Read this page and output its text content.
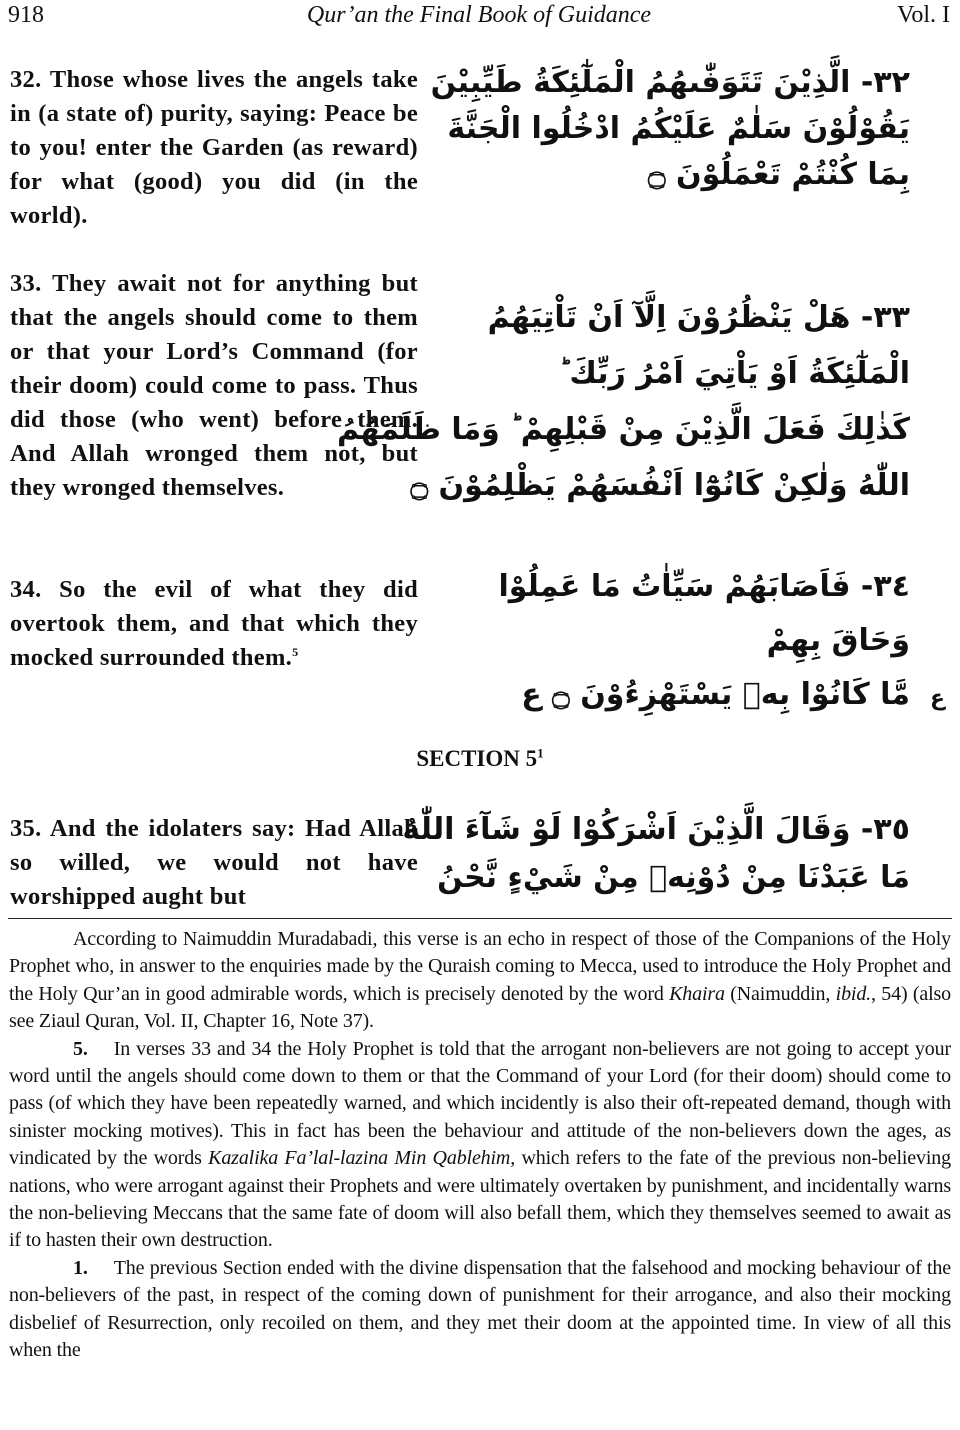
918	Qur’an the Final Book of Guidance	Vol. I

32. Those whose lives the angels take in (a state of) purity, saying: Peace be to you! enter the Garden (as reward) for what (good) you did (in the world).

٣٢- الَّذِيْنَ تَتَوَفّٰىهُمُ الْمَلٰٓئِكَةُ طَيِّبِيْنَ
يَقُوْلُوْنَ سَلٰمٌ عَلَيْكُمُ ادْخُلُوا الْجَنَّةَ
بِمَا كُنْتُمْ تَعْمَلُوْنَ ۝

33. They await not for anything but that the angels should come to them or that your Lord’s Command (for their doom) could come to pass. Thus did those (who went) before them. And Allah wronged them not, but they wronged themselves.

٣٣- هَلْ يَنْظُرُوْنَ اِلَّآ اَنْ تَاْتِيَهُمُ
الْمَلٰٓئِكَةُ اَوْ يَاْتِيَ اَمْرُ رَبِّكَ ؕ
كَذٰلِكَ فَعَلَ الَّذِيْنَ مِنْ قَبْلِهِمْ ؕ وَمَا ظَلَمَهُمُ
اللّٰهُ وَلٰكِنْ كَانُوْٓا اَنْفُسَهُمْ يَظْلِمُوْنَ ۝

34. So the evil of what they did overtook them, and that which they mocked surrounded them.$^5$

٣٤- فَاَصَابَهُمْ سَيِّاٰتُ مَا عَمِلُوْا
وَحَاقَ بِهِمْ
مَّا كَانُوْا بِهٖ يَسْتَهْزِءُوْنَ ۝ ع ع
SECTION $5^1$

35. And the idolaters say: Had Allah so willed, we would not have worshipped aught but

٣٥- وَقَالَ الَّذِيْنَ اَشْرَكُوْا لَوْ شَآءَ اللّٰهُ
مَا عَبَدْنَا مِنْ دُوْنِهٖ مِنْ شَيْءٍ نَّحْنُ

According to Naimuddin Muradabadi, this verse is an echo in respect of those of the Companions of the Holy Prophet who, in answer to the enquiries made by the Quraish coming to Mecca, used to introduce the Holy Prophet and the Holy Qur’an in good admirable words, which is precisely denoted by the word Khaira (Naimuddin, ibid., 54) (also see Ziaul Quran, Vol. II, Chapter 16, Note 37).

5. In verses 33 and 34 the Holy Prophet is told that the arrogant non-believers are not going to accept your word until the angels should come down to them or that the Command of your Lord (for their doom) should come to pass (of which they have been repeatedly warned, and which incidently is also their oft-repeated demand, though with sinister mocking motives). This in fact has been the behaviour and attitude of the non-believers down the ages, as vindicated by the words Kazalika Fa’lal-lazina Min Qablehim, which refers to the fate of the previous non-believing nations, who were arrogant against their Prophets and were ultimately overtaken by punishment, and incidentally warns the non-believing Meccans that the same fate of doom will also befall them, which they themselves seemed to await as if to hasten their own destruction.

1. The previous Section ended with the divine dispensation that the falsehood and mocking behaviour of the non-believers of the past, in respect of the coming down of punishment for their arrogance, and also their mocking disbelief of Resurrection, only recoiled on them, and they met their doom at the appointed time. In view of all this when the
